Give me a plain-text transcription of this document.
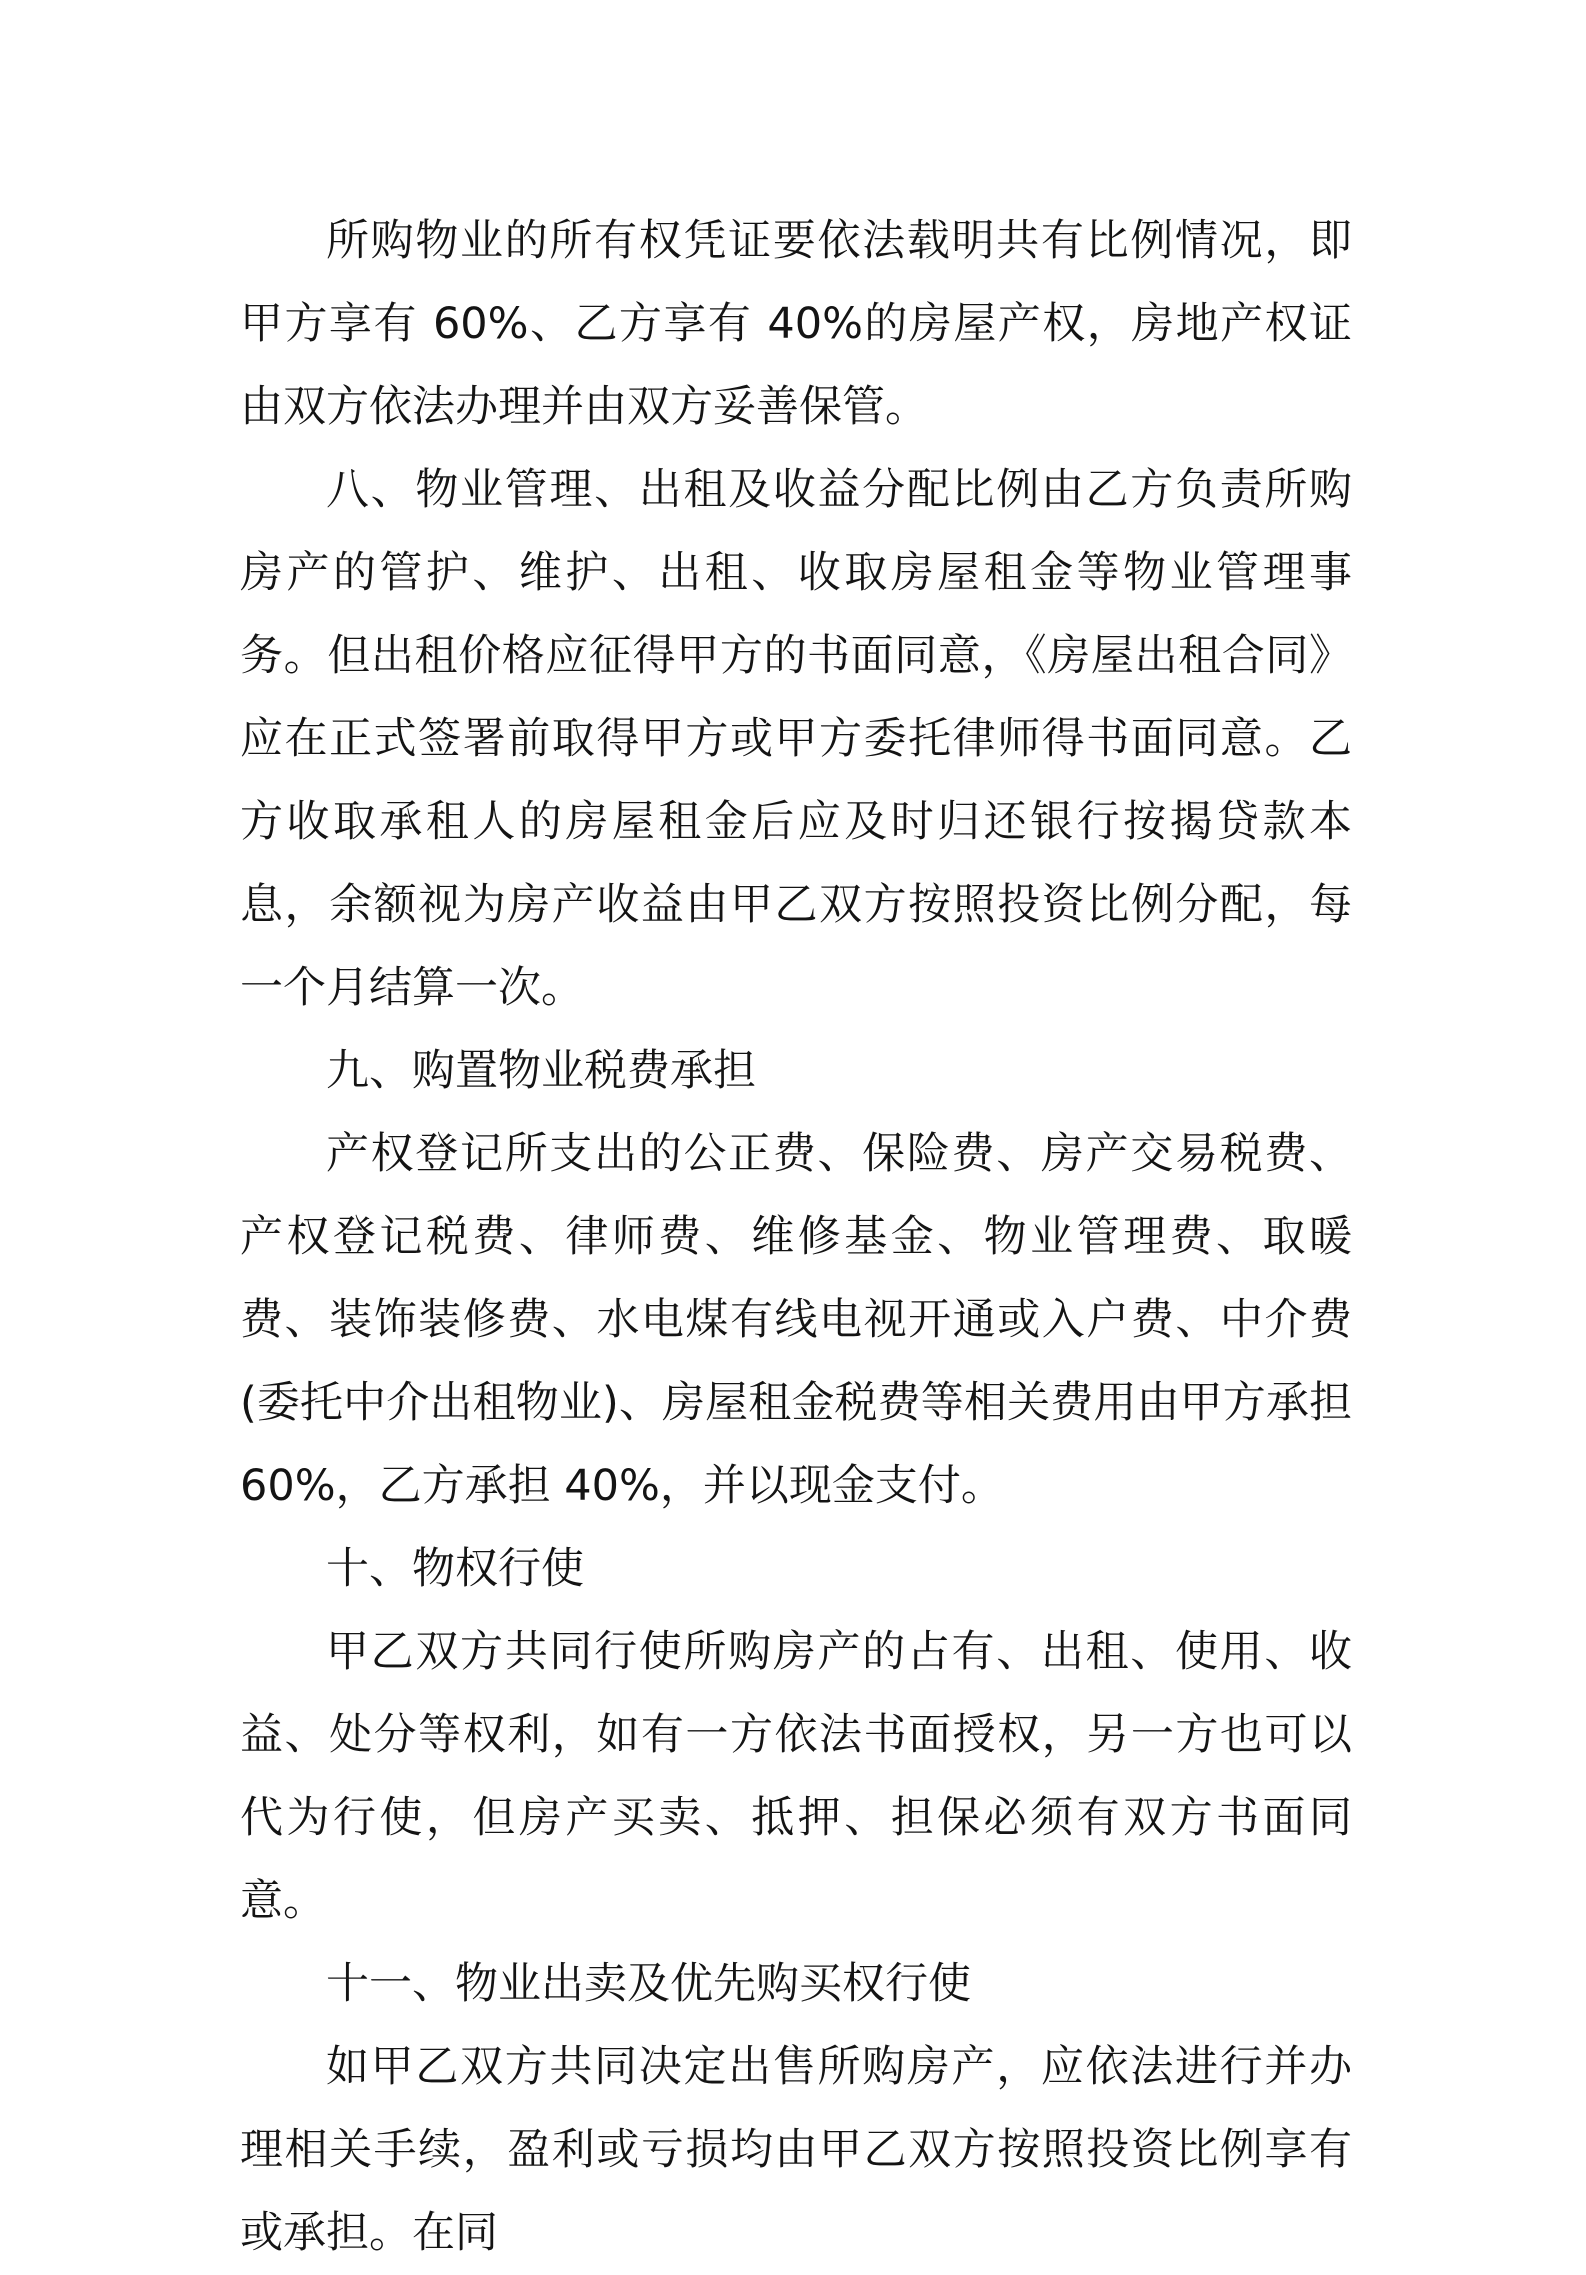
所购物业的所有权凭证要依法载明共有比例情况，即甲方享有 60%、乙方享有 40%的房屋产权，房地产权证由双方依法办理并由双方妥善保管。

八、物业管理、出租及收益分配比例由乙方负责所购房产的管护、维护、出租、收取房屋租金等物业管理事务。但出租价格应征得甲方的书面同意，《房屋出租合同》应在正式签署前取得甲方或甲方委托律师得书面同意。乙方收取承租人的房屋租金后应及时归还银行按揭贷款本息，余额视为房产收益由甲乙双方按照投资比例分配，每一个月结算一次。

九、购置物业税费承担

产权登记所支出的公正费、保险费、房产交易税费、产权登记税费、律师费、维修基金、物业管理费、取暖费、装饰装修费、水电煤有线电视开通或入户费、中介费(委托中介出租物业)、房屋租金税费等相关费用由甲方承担 60%，乙方承担 40%，并以现金支付。

十、物权行使

甲乙双方共同行使所购房产的占有、出租、使用、收益、处分等权利，如有一方依法书面授权，另一方也可以代为行使，但房产买卖、抵押、担保必须有双方书面同意。

十一、物业出卖及优先购买权行使

如甲乙双方共同决定出售所购房产，应依法进行并办理相关手续，盈利或亏损均由甲乙双方按照投资比例享有或承担。在同
